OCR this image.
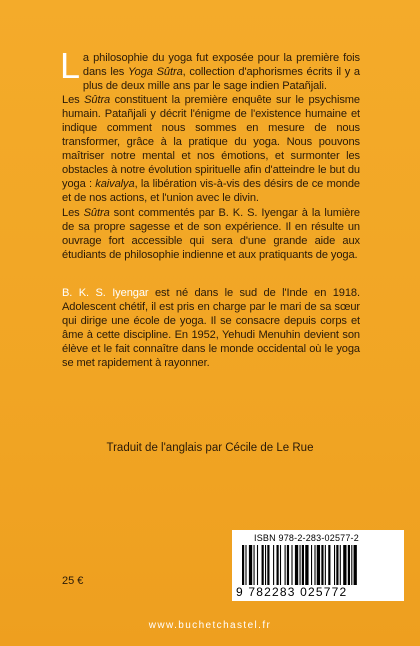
La philosophie du yoga fut exposée pour la première fois dans les Yoga Sûtra, collection d'aphorismes écrits il y a plus de deux mille ans par le sage indien Patañjali.

Les Sûtra constituent la première enquête sur le psychisme humain. Patañjali y décrit l'énigme de l'existence humaine et indique comment nous sommes en mesure de nous transformer, grâce à la pratique du yoga. Nous pouvons maîtriser notre mental et nos émotions, et surmonter les obstacles à notre évolution spirituelle afin d'atteindre le but du yoga : kaivalya, la libération vis-à-vis des désirs de ce monde et de nos actions, et l'union avec le divin.

Les Sûtra sont commentés par B. K. S. Iyengar à la lumière de sa propre sagesse et de son expérience. Il en résulte un ouvrage fort accessible qui sera d'une grande aide aux étudiants de philosophie indienne et aux pratiquants de yoga.

B. K. S. Iyengar est né dans le sud de l'Inde en 1918. Adolescent chétif, il est pris en charge par le mari de sa sœur qui dirige une école de yoga. Il se consacre depuis corps et âme à cette discipline. En 1952, Yehudi Menuhin devient son élève et le fait connaître dans le monde occidental où le yoga se met rapidement à rayonner.

Traduit de l'anglais par Cécile de Le Rue
ISBN 978-2-283-02577-2
9 782283 025772
25 €
www.buchetchastel.fr
